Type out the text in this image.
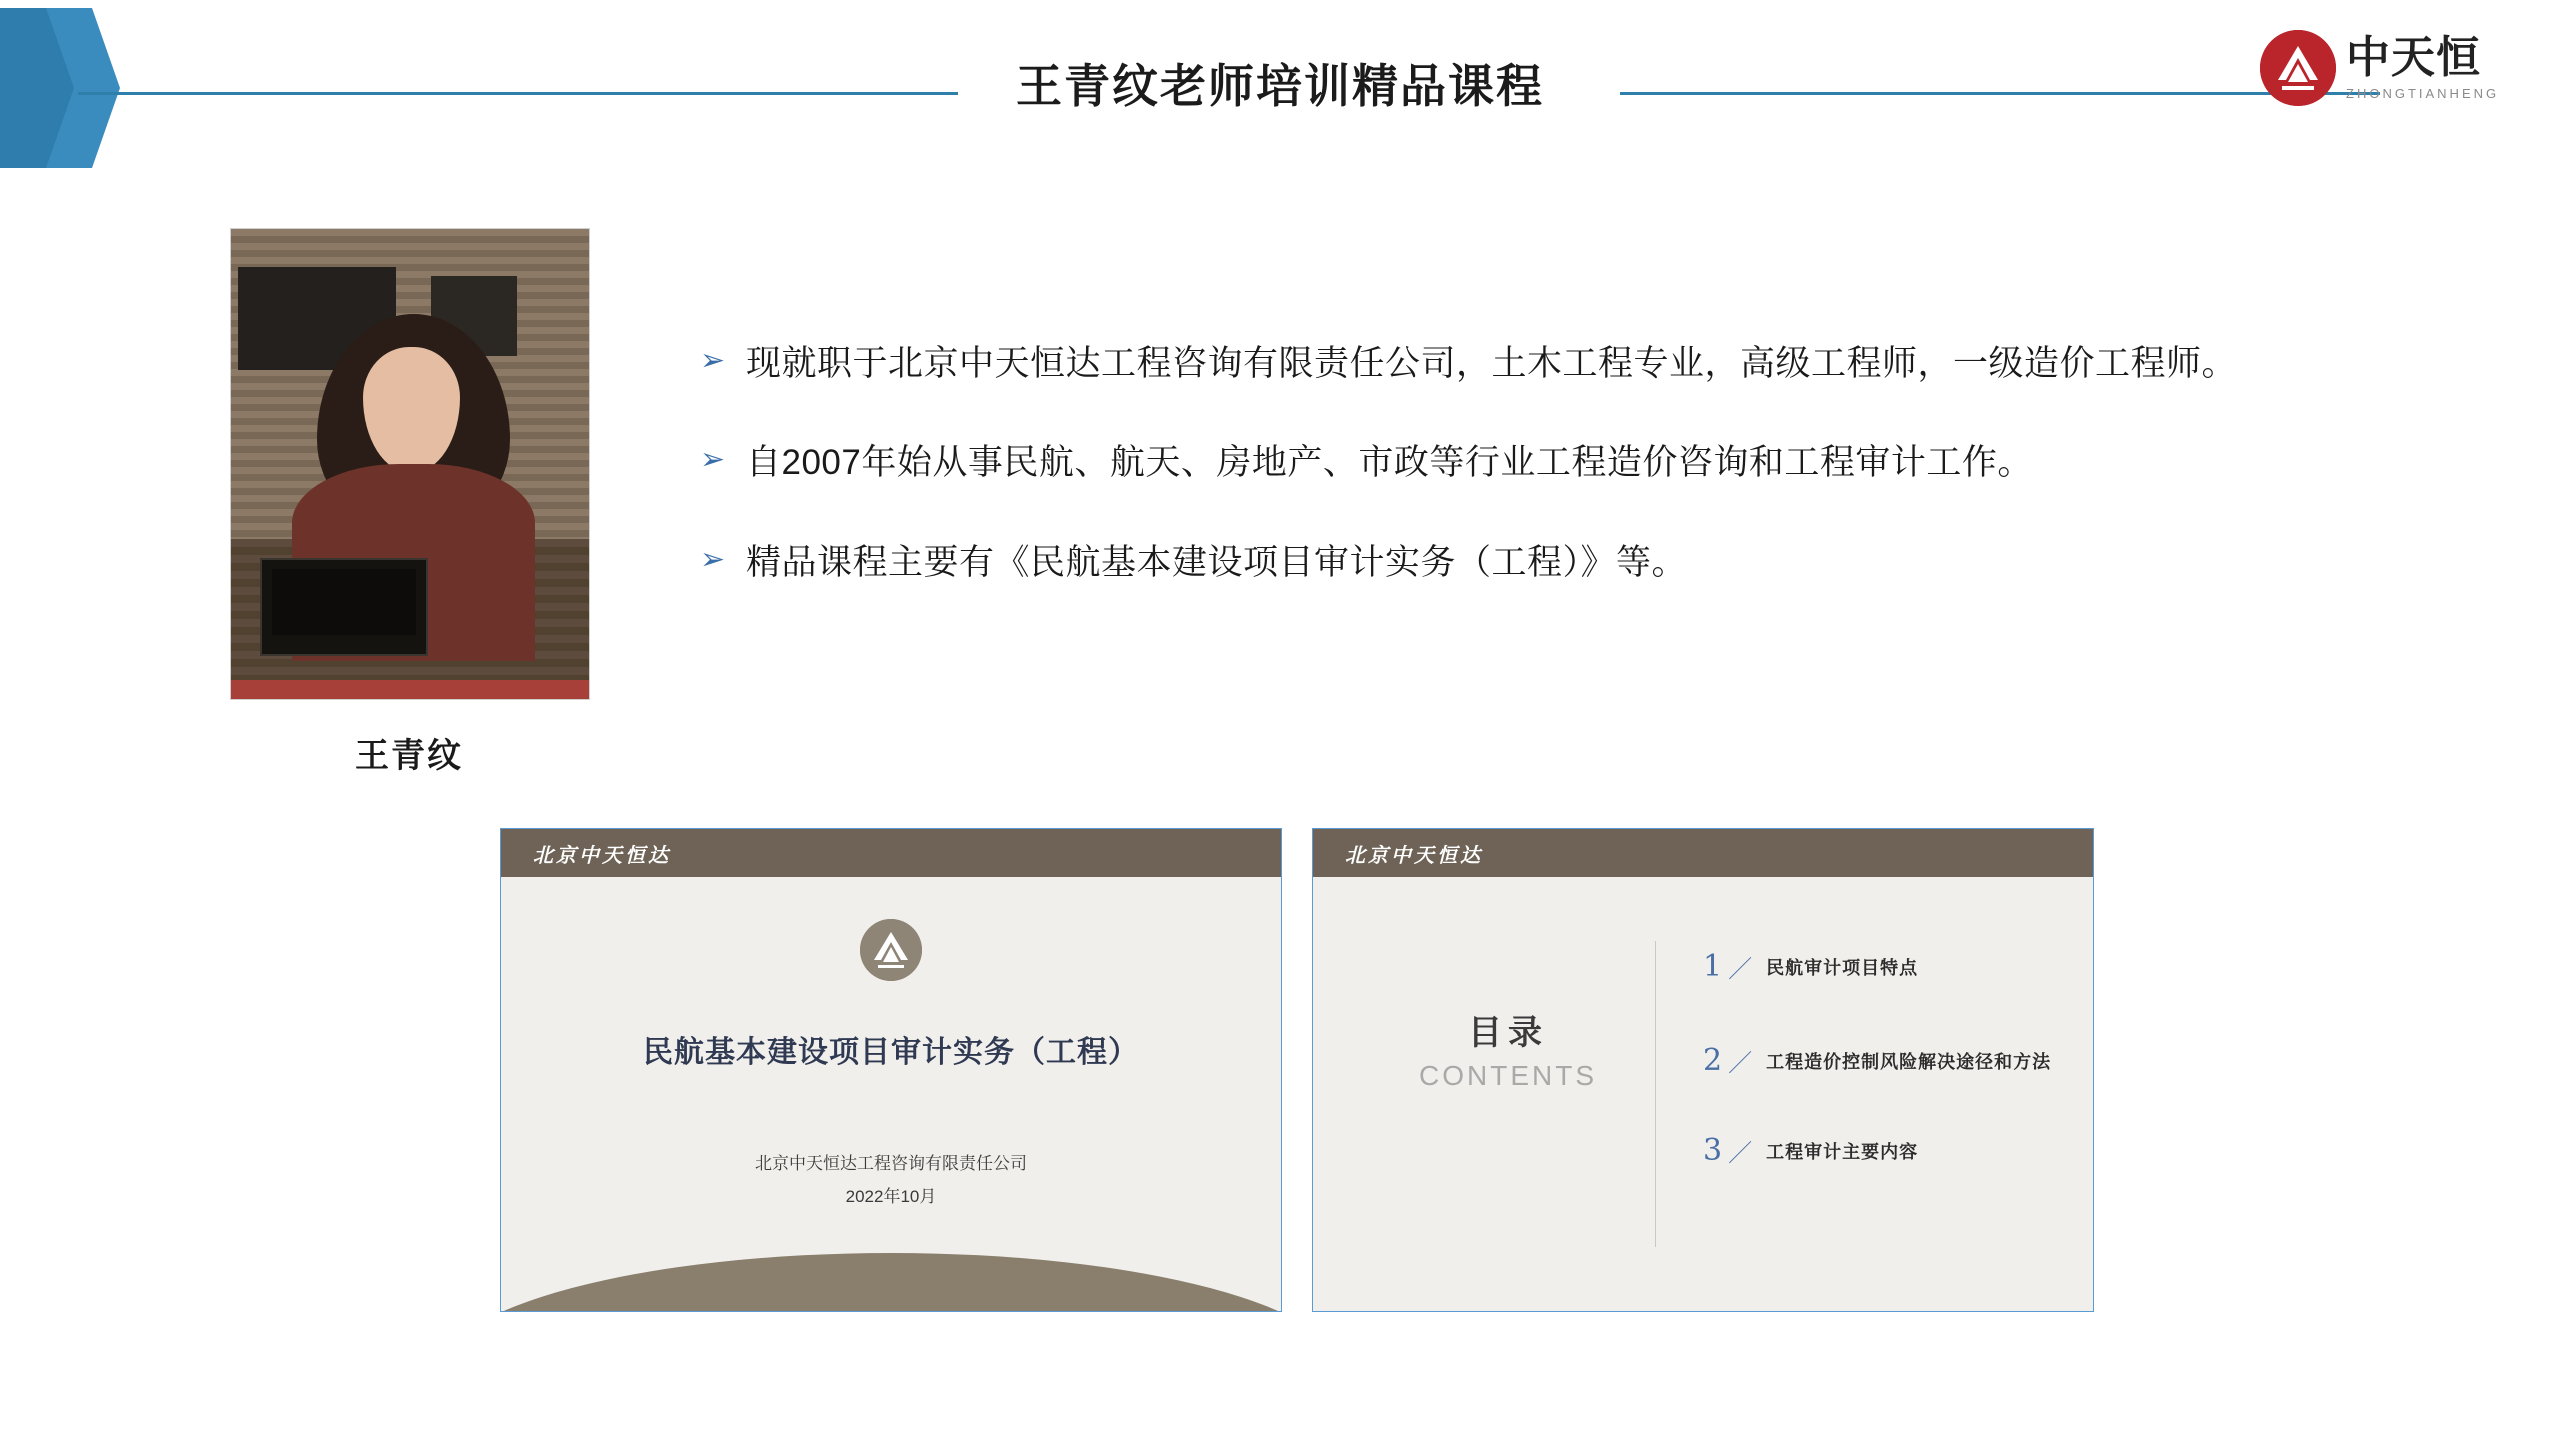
王青纹老师培训精品课程
中天恒
ZHONGTIANHENG
王青纹
➢ 现就职于北京中天恒达工程咨询有限责任公司，土木工程专业，高级工程师，一级造价工程师。
➢ 自2007年始从事民航、航天、房地产、市政等行业工程造价咨询和工程审计工作。
➢ 精品课程主要有《民航基本建设项目审计实务（工程）》等。
北京中天恒达
民航基本建设项目审计实务（工程）
北京中天恒达工程咨询有限责任公司
2022年10月
北京中天恒达
目录
CONTENTS
1 ／ 民航审计项目特点
2 ／ 工程造价控制风险解决途径和方法
3 ／ 工程审计主要内容
